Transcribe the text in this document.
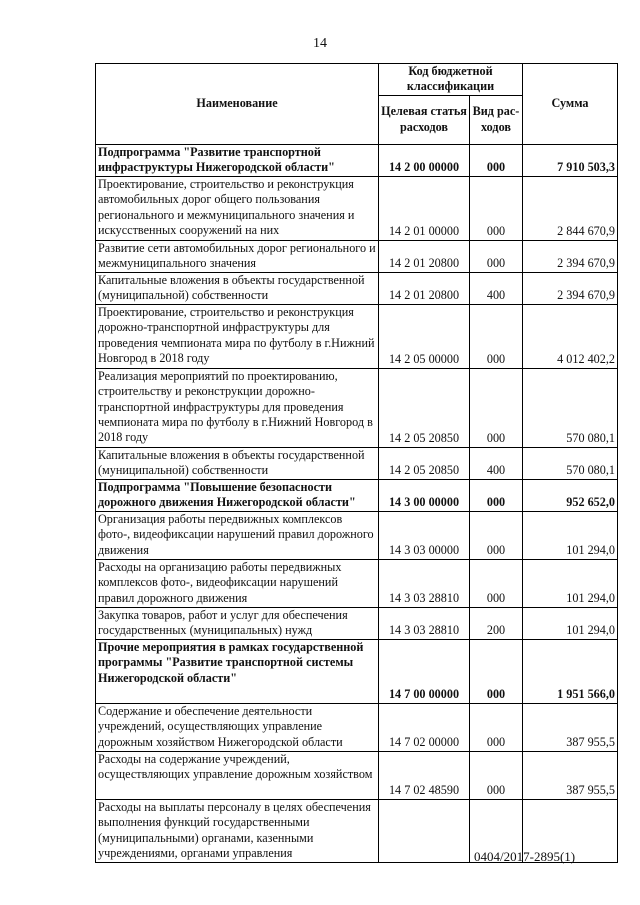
14
Наименование	Код бюджетной классификации		Сумма
	Целевая статья расходов	Вид рас-ходов	
Подпрограмма "Развитие транспортной инфраструктуры Нижегородской области"	14 2 00 00000	000	7 910 503,3
Проектирование, строительство и реконструкция автомобильных дорог общего пользования регионального и межмуниципального значения и искусственных сооружений на них	14 2 01 00000	000	2 844 670,9
Развитие сети автомобильных дорог регионального и межмуниципального значения	14 2 01 20800	000	2 394 670,9
Капитальные вложения в объекты государственной (муниципальной) собственности	14 2 01 20800	400	2 394 670,9
Проектирование, строительство и реконструкция дорожно-транспортной инфраструктуры для проведения чемпионата мира по футболу в г.Нижний Новгород в 2018 году	14 2 05 00000	000	4 012 402,2
Реализация мероприятий по проектированию, строительству и реконструкции дорожно-транспортной инфраструктуры для проведения чемпионата мира по футболу в г.Нижний Новгород в 2018 году	14 2 05 20850	000	570 080,1
Капитальные вложения в объекты государственной (муниципальной) собственности	14 2 05 20850	400	570 080,1
Подпрограмма "Повышение безопасности дорожного движения Нижегородской области"	14 3 00 00000	000	952 652,0
Организация работы передвижных комплексов фото-, видеофиксации нарушений правил дорожного движения	14 3 03 00000	000	101 294,0
Расходы на организацию работы передвижных комплексов фото-, видеофиксации нарушений правил дорожного движения	14 3 03 28810	000	101 294,0
Закупка товаров, работ и услуг для обеспечения государственных (муниципальных) нужд	14 3 03 28810	200	101 294,0
Прочие мероприятия в рамках государственной программы "Развитие транспортной системы Нижегородской области"	14 7 00 00000	000	1 951 566,0
Содержание и обеспечение деятельности учреждений, осуществляющих управление дорожным хозяйством Нижегородской области	14 7 02 00000	000	387 955,5
Расходы на содержание учреждений, осуществляющих управление дорожным хозяйством	14 7 02 48590	000	387 955,5
Расходы на выплаты персоналу в целях обеспечения выполнения функций государственными (муниципальными) органами, казенными учреждениями, органами управления				0404/2017-2895(1)
